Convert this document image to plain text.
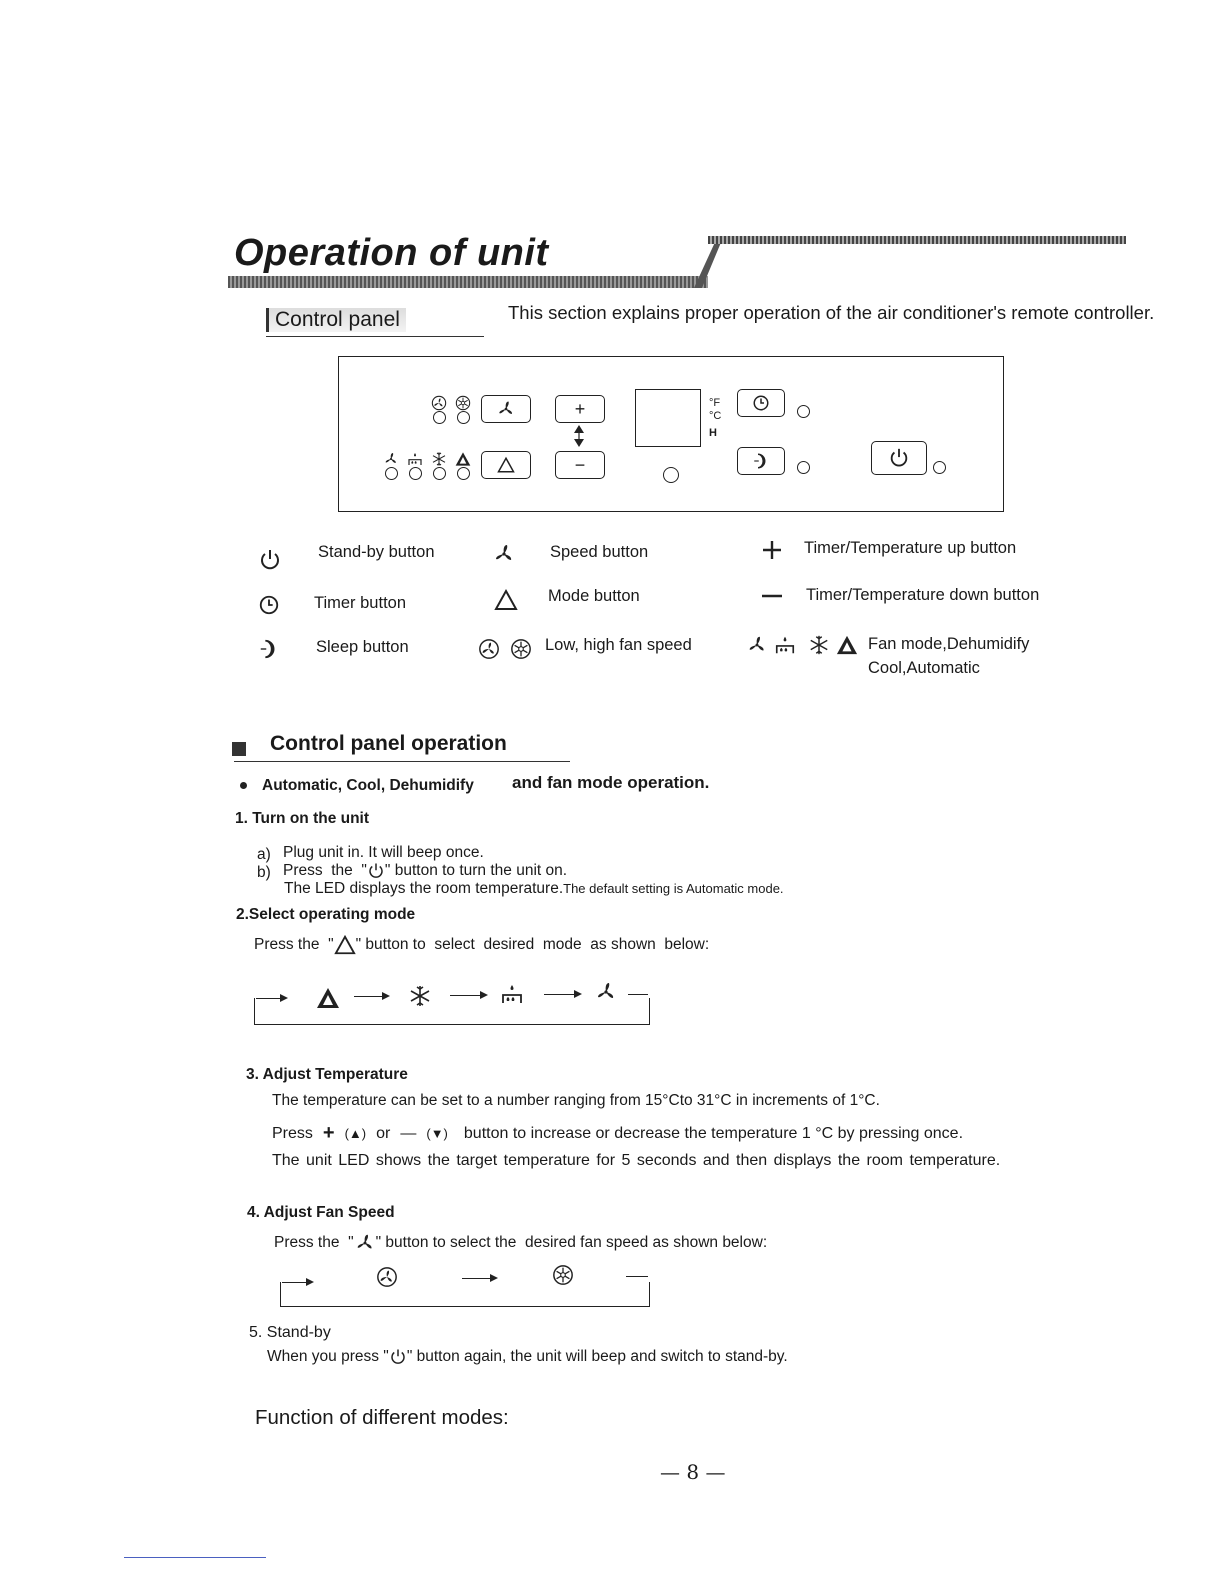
Operation of unit
Control panel	This section explains proper operation of the air conditioner's remote controller.
+
−
°F
°C
H
Stand-by button
Timer button
Sleep button
Speed button
Mode button
Low, high fan speed
Timer/Temperature up button
Timer/Temperature down button
Fan mode,Dehumidify
Cool,Automatic
Control panel operation
Automatic, Cool, Dehumidify and fan mode operation.
1. Turn on the unit
a) Plug unit in. It will beep once.
b) Press  the  " " button to turn the unit on.
The LED displays the room temperature.The default setting is Automatic mode.
2.Select operating mode
Press the  " " button to  select  desired  mode  as shown  below:
3. Adjust Temperature
The temperature can be set to a number ranging from 15°Cto 31°C in increments of 1°C.
Press + (▲) or — (▼) button to increase or decrease the temperature 1 °C by pressing once.
The unit LED shows the target temperature for 5 seconds and then displays the room temperature.
4. Adjust Fan Speed
Press the  " " button to select the  desired fan speed as shown below:
5. Stand-by
When you press " " button again, the unit will beep and switch to stand-by.
Function of different modes:
— 8 —
